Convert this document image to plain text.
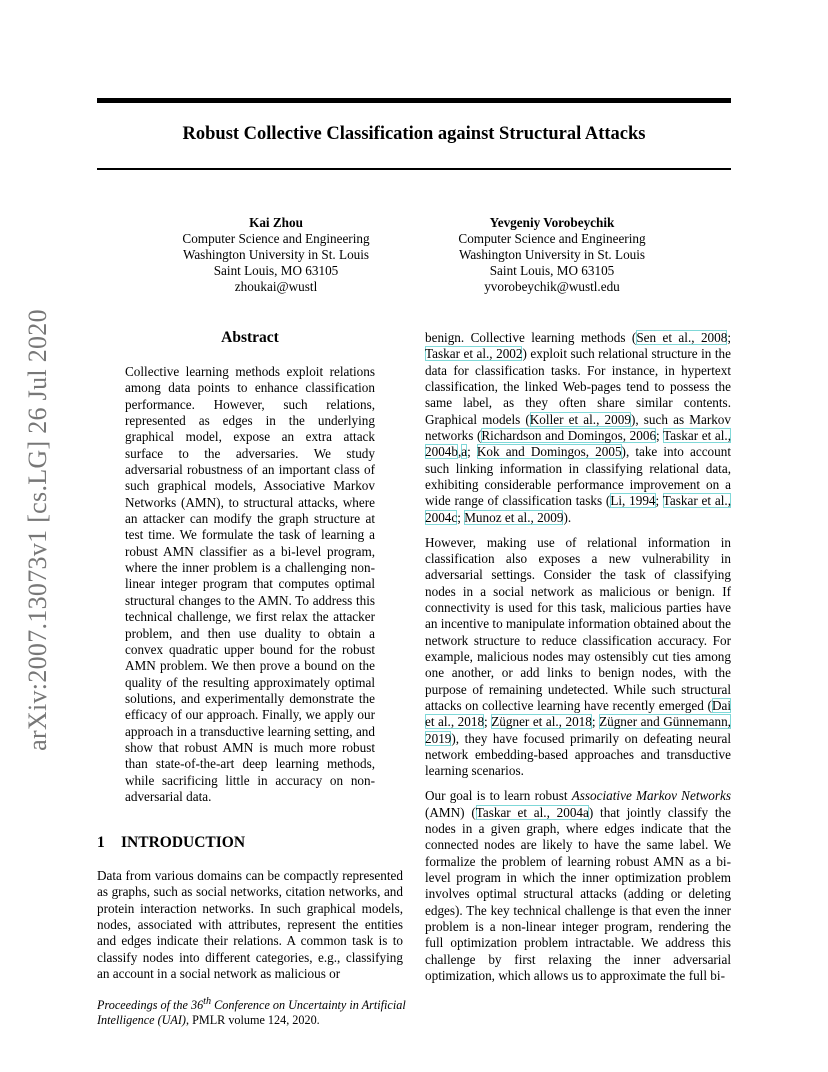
arXiv:2007.13073v1 [cs.LG] 26 Jul 2020
Robust Collective Classification against Structural Attacks
Kai Zhou
Computer Science and Engineering
Washington University in St. Louis
Saint Louis, MO 63105
zhoukai@wustl
Yevgeniy Vorobeychik
Computer Science and Engineering
Washington University in St. Louis
Saint Louis, MO 63105
yvorobeychik@wustl.edu
Abstract
Collective learning methods exploit relations among data points to enhance classification performance. However, such relations, represented as edges in the underlying graphical model, expose an extra attack surface to the adversaries. We study adversarial robustness of an important class of such graphical models, Associative Markov Networks (AMN), to structural attacks, where an attacker can modify the graph structure at test time. We formulate the task of learning a robust AMN classifier as a bi-level program, where the inner problem is a challenging non-linear integer program that computes optimal structural changes to the AMN. To address this technical challenge, we first relax the attacker problem, and then use duality to obtain a convex quadratic upper bound for the robust AMN problem. We then prove a bound on the quality of the resulting approximately optimal solutions, and experimentally demonstrate the efficacy of our approach. Finally, we apply our approach in a transductive learning setting, and show that robust AMN is much more robust than state-of-the-art deep learning methods, while sacrificing little in accuracy on non-adversarial data.
1 INTRODUCTION
Data from various domains can be compactly represented as graphs, such as social networks, citation networks, and protein interaction networks. In such graphical models, nodes, associated with attributes, represent the entities and edges indicate their relations. A common task is to classify nodes into different categories, e.g., classifying an account in a social network as malicious or
Proceedings of the 36th Conference on Uncertainty in Artificial Intelligence (UAI), PMLR volume 124, 2020.

benign. Collective learning methods (Sen et al., 2008; Taskar et al., 2002) exploit such relational structure in the data for classification tasks. For instance, in hypertext classification, the linked Web-pages tend to possess the same label, as they often share similar contents. Graphical models (Koller et al., 2009), such as Markov networks (Richardson and Domingos, 2006; Taskar et al., 2004b,a; Kok and Domingos, 2005), take into account such linking information in classifying relational data, exhibiting considerable performance improvement on a wide range of classification tasks (Li, 1994; Taskar et al., 2004c; Munoz et al., 2009).

However, making use of relational information in classification also exposes a new vulnerability in adversarial settings. Consider the task of classifying nodes in a social network as malicious or benign. If connectivity is used for this task, malicious parties have an incentive to manipulate information obtained about the network structure to reduce classification accuracy. For example, malicious nodes may ostensibly cut ties among one another, or add links to benign nodes, with the purpose of remaining undetected. While such structural attacks on collective learning have recently emerged (Dai et al., 2018; Zügner et al., 2018; Zügner and Günnemann, 2019), they have focused primarily on defeating neural network embedding-based approaches and transductive learning scenarios.

Our goal is to learn robust Associative Markov Networks (AMN) (Taskar et al., 2004a) that jointly classify the nodes in a given graph, where edges indicate that the connected nodes are likely to have the same label. We formalize the problem of learning robust AMN as a bi-level program in which the inner optimization problem involves optimal structural attacks (adding or deleting edges). The key technical challenge is that even the inner problem is a non-linear integer program, rendering the full optimization problem intractable. We address this challenge by first relaxing the inner adversarial optimization, which allows us to approximate the full bi-
